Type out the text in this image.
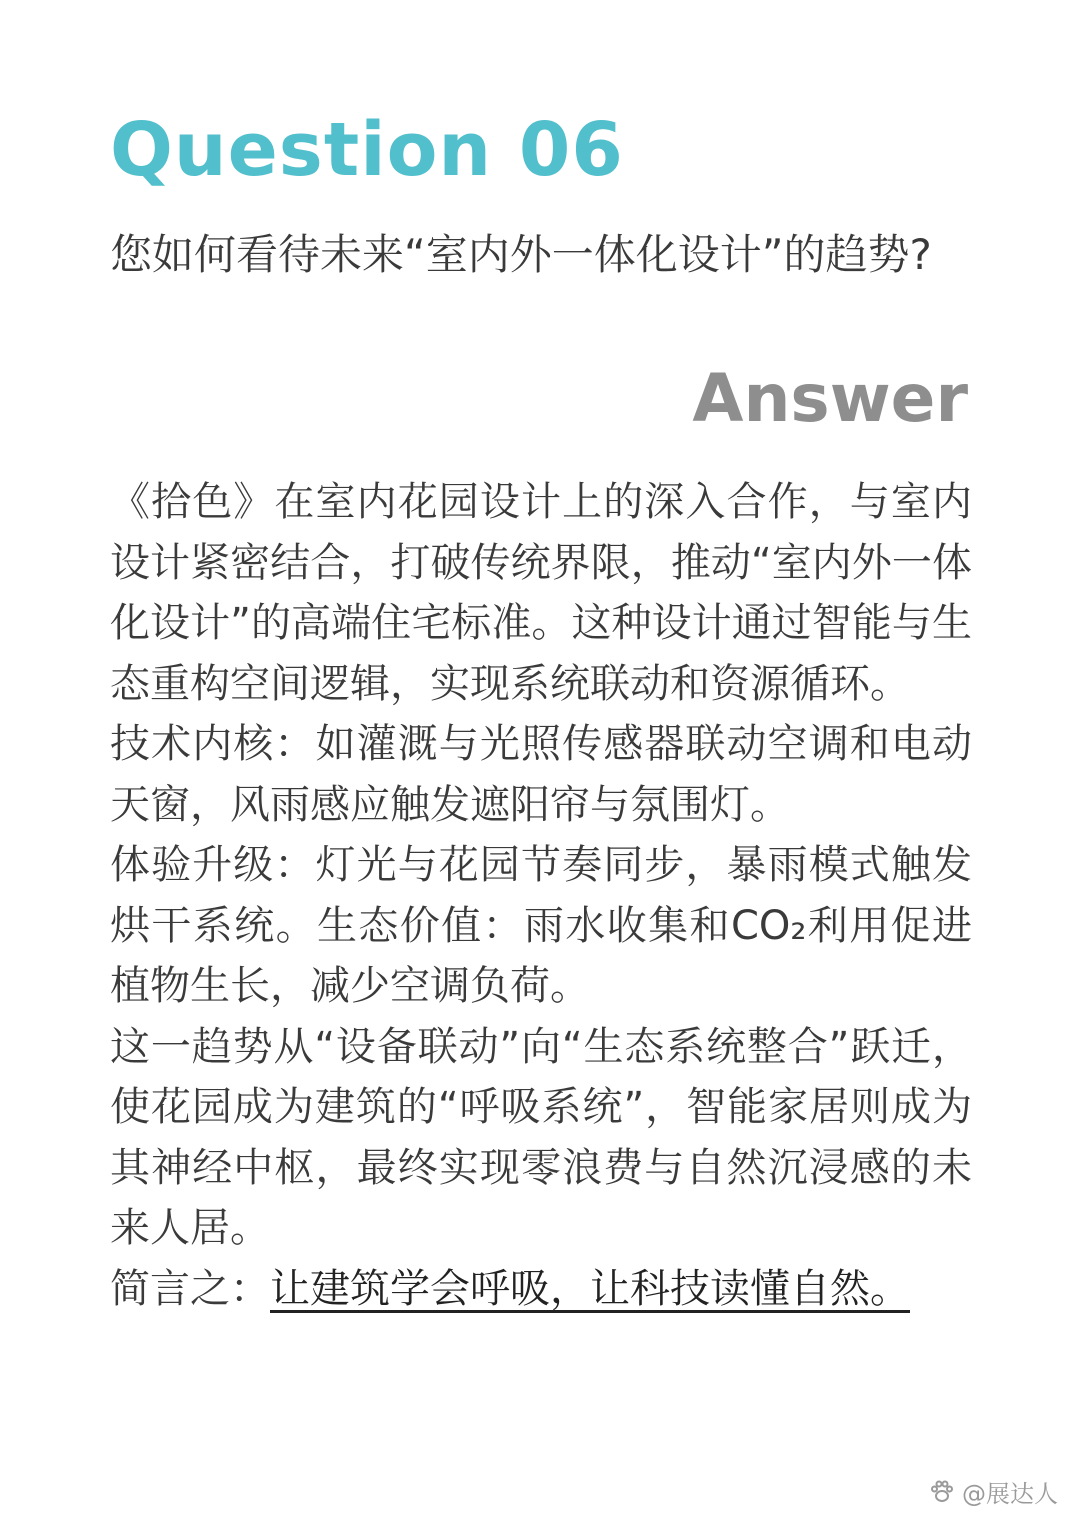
Question 06

您如何看待未来“室内外一体化设计”的趋势?

Answer

《拾色》在室内花园设计上的深入合作，与室内设计紧密结合，打破传统界限，推动“室内外一体化设计”的高端住宅标准。这种设计通过智能与生态重构空间逻辑，实现系统联动和资源循环。

技术内核：如灌溉与光照传感器联动空调和电动天窗，风雨感应触发遮阳帘与氛围灯。

体验升级：灯光与花园节奏同步，暴雨模式触发烘干系统。生态价值：雨水收集和CO₂利用促进植物生长，减少空调负荷。

这一趋势从“设备联动”向“生态系统整合”跃迁，使花园成为建筑的“呼吸系统”，智能家居则成为其神经中枢，最终实现零浪费与自然沉浸感的未来人居。

简言之：让建筑学会呼吸，让科技读懂自然。

@展达人
